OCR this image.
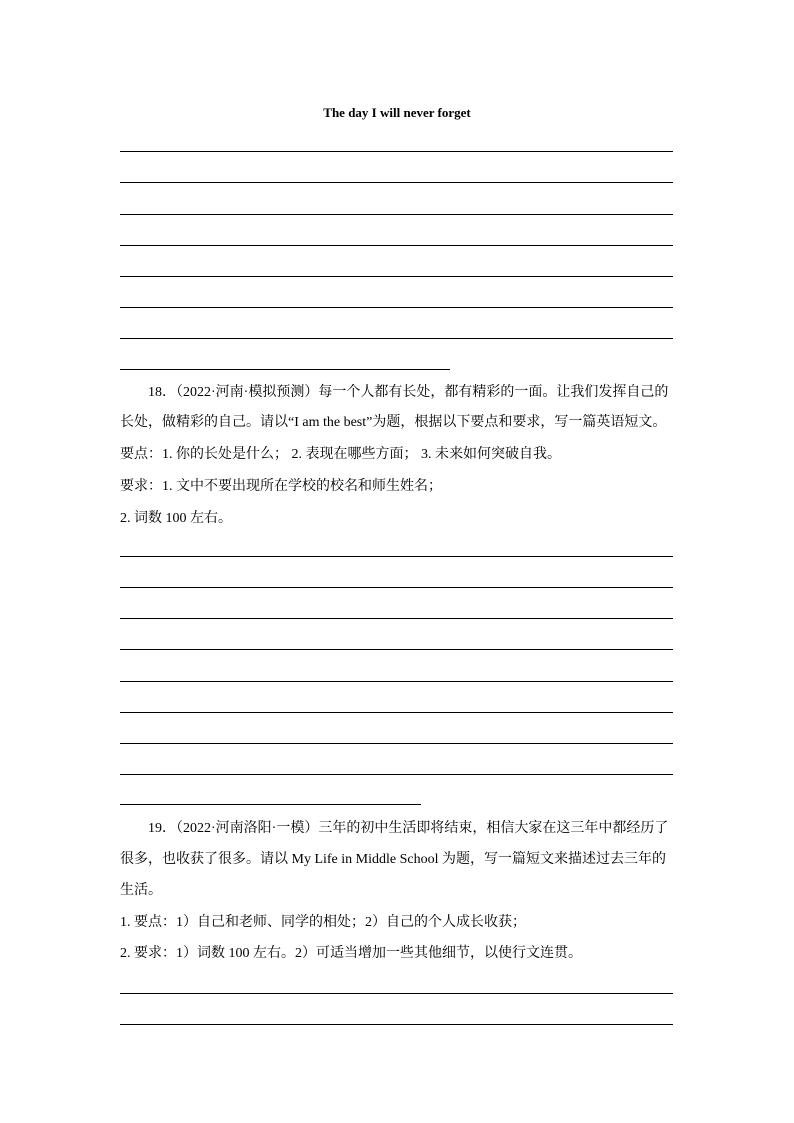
The day I will never forget
18．（2022·河南·模拟预测）每一个人都有长处，都有精彩的一面。让我们发挥自己的
长处，做精彩的自己。请以“I am the best”为题，根据以下要点和要求，写一篇英语短文。
要点：1. 你的长处是什么； 2. 表现在哪些方面； 3. 未来如何突破自我。
要求：1. 文中不要出现所在学校的校名和师生姓名；
2. 词数 100 左右。
19．（2022·河南洛阳·一模）三年的初中生活即将结束，相信大家在这三年中都经历了
很多，也收获了很多。请以 My Life in Middle School 为题，写一篇短文来描述过去三年的
生活。
1. 要点：1）自己和老师、同学的相处；2）自己的个人成长收获；
2. 要求：1）词数 100 左右。2）可适当增加一些其他细节，以使行文连贯。
